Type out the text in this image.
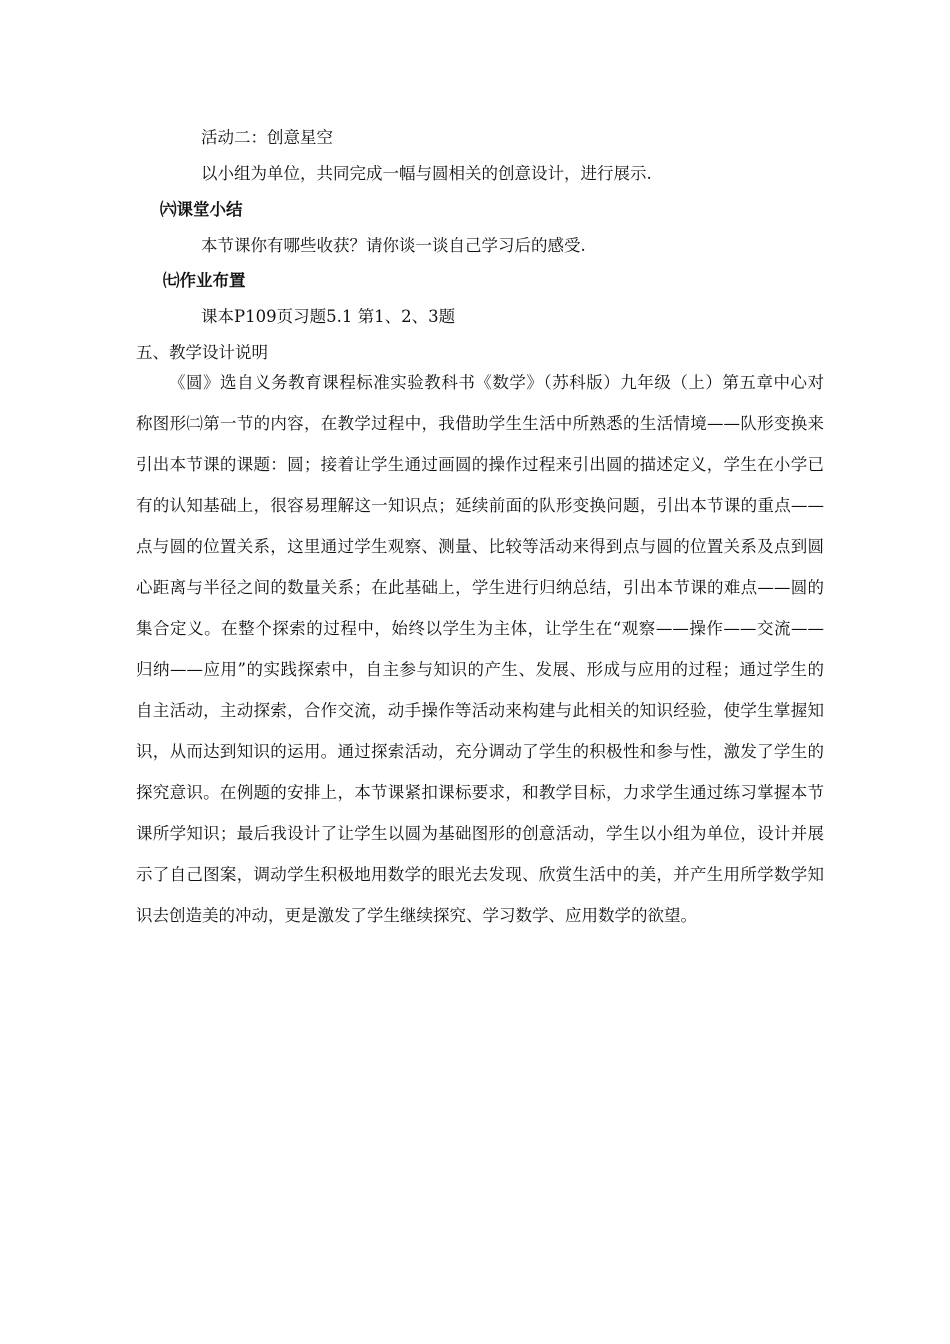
活动二：创意星空
以小组为单位，共同完成一幅与圆相关的创意设计，进行展示.
㈥课堂小结
本节课你有哪些收获？请你谈一谈自己学习后的感受.
㈦作业布置
课本P109页习题5.1 第1、2、3题
五、教学设计说明
《圆》选自义务教育课程标准实验教科书《数学》（苏科版）九年级（上）第五章中心对
称图形㈡第一节的内容，在教学过程中，我借助学生生活中所熟悉的生活情境——队形变换来
引出本节课的课题：圆；接着让学生通过画圆的操作过程来引出圆的描述定义，学生在小学已
有的认知基础上，很容易理解这一知识点；延续前面的队形变换问题，引出本节课的重点——
点与圆的位置关系，这里通过学生观察、测量、比较等活动来得到点与圆的位置关系及点到圆
心距离与半径之间的数量关系；在此基础上，学生进行归纳总结，引出本节课的难点——圆的
集合定义。在整个探索的过程中，始终以学生为主体，让学生在“观察——操作——交流——
归纳——应用”的实践探索中，自主参与知识的产生、发展、形成与应用的过程；通过学生的
自主活动，主动探索，合作交流，动手操作等活动来构建与此相关的知识经验，使学生掌握知
识，从而达到知识的运用。通过探索活动，充分调动了学生的积极性和参与性，激发了学生的
探究意识。在例题的安排上，本节课紧扣课标要求，和教学目标，力求学生通过练习掌握本节
课所学知识；最后我设计了让学生以圆为基础图形的创意活动，学生以小组为单位，设计并展
示了自己图案，调动学生积极地用数学的眼光去发现、欣赏生活中的美，并产生用所学数学知
识去创造美的冲动，更是激发了学生继续探究、学习数学、应用数学的欲望。
